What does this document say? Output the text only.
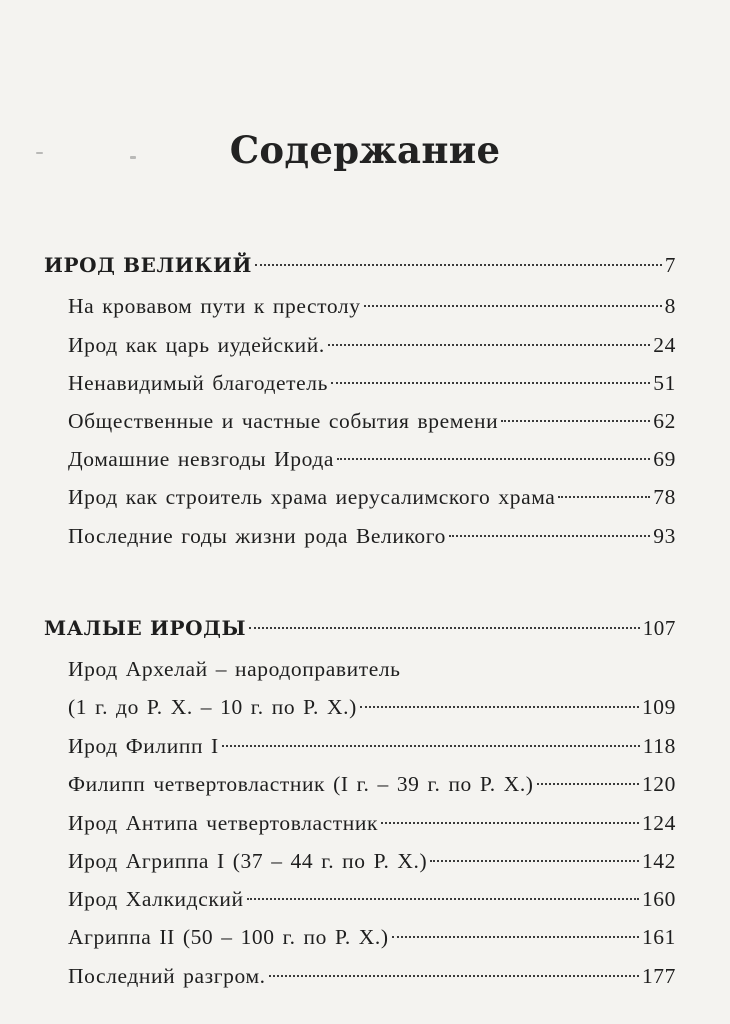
Содержание
ИРОД ВЕЛИКИЙ	7
На кровавом пути к престолу	8
Ирод как царь иудейский.	24
Ненавидимый благодетель	51
Общественные и частные события времени	62
Домашние невзгоды Ирода	69
Ирод как строитель храма иерусалимского храма	78
Последние годы жизни рода Великого	93
МАЛЫЕ ИРОДЫ	107
Ирод Архелай – народоправитель
(1 г. до Р. Х. – 10 г. по Р. Х.)	109
Ирод Филипп I	118
Филипп четвертовластник (I г. – 39 г. по Р. Х.)	120
Ирод Антипа четвертовластник	124
Ирод Агриппа I (37 – 44 г. по Р. Х.)	142
Ирод Халкидский	160
Агриппа II (50 – 100 г. по Р. Х.)	161
Последний разгром.	177
